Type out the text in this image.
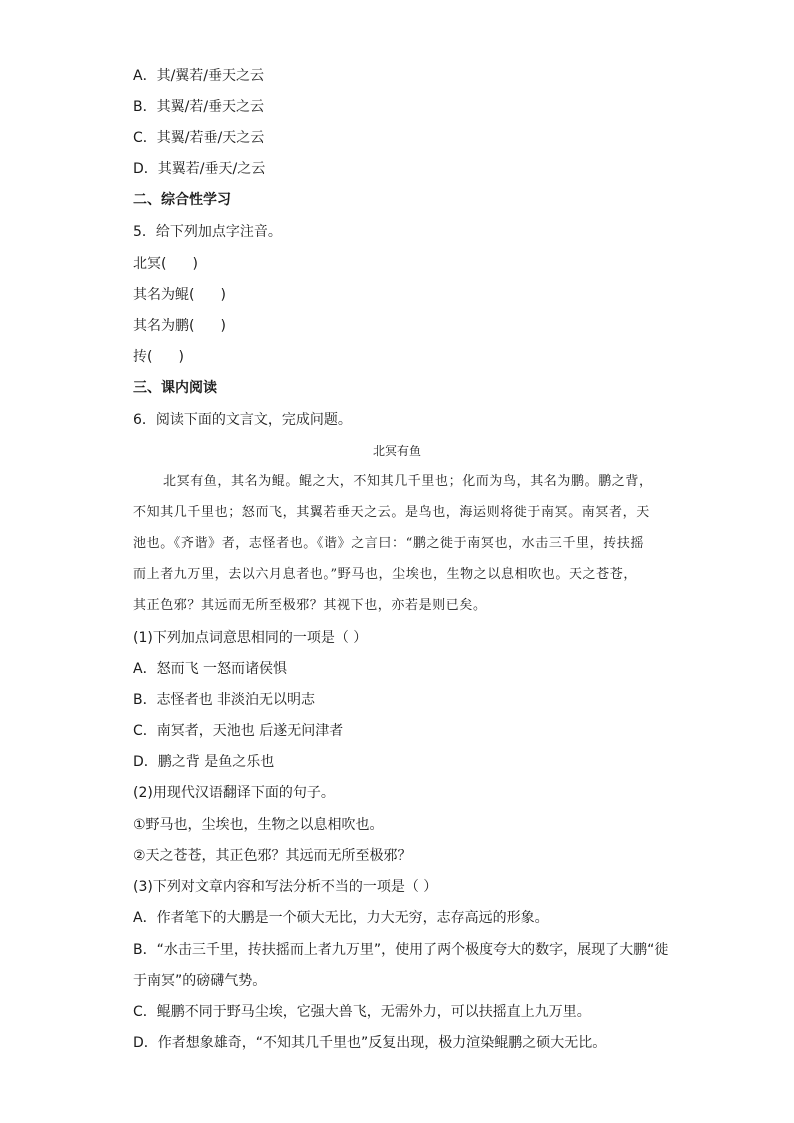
A．其/翼若/垂天之云
B．其翼/若/垂天之云
C．其翼/若垂/天之云
D．其翼若/垂天/之云
二、综合性学习
5．给下列加点字注音。
北冥( )
其名为鲲( )
其名为鹏( )
抟( )
三、课内阅读
6．阅读下面的文言文，完成问题。
北冥有鱼
北冥有鱼，其名为鲲。鲲之大，不知其几千里也；化而为鸟，其名为鹏。鹏之背，
不知其几千里也；怒而飞，其翼若垂天之云。是鸟也，海运则将徙于南冥。南冥者，天
池也。《齐谐》者，志怪者也。《谐》之言曰：“鹏之徙于南冥也，水击三千里，抟扶摇
而上者九万里，去以六月息者也。”野马也，尘埃也，生物之以息相吹也。天之苍苍，
其正色邪？其远而无所至极邪？其视下也，亦若是则已矣。
(1)下列加点词意思相同的一项是（ ）
A．怒而飞 一怒而诸侯惧
B．志怪者也 非淡泊无以明志
C．南冥者，天池也 后遂无问津者
D．鹏之背 是鱼之乐也
(2)用现代汉语翻译下面的句子。
①野马也，尘埃也，生物之以息相吹也。
②天之苍苍，其正色邪？其远而无所至极邪？
(3)下列对文章内容和写法分析不当的一项是（ ）
A．作者笔下的大鹏是一个硕大无比，力大无穷，志存高远的形象。
B．“水击三千里，抟扶摇而上者九万里”，使用了两个极度夸大的数字，展现了大鹏“徙
于南冥”的磅礴气势。
C．鲲鹏不同于野马尘埃，它强大兽飞，无需外力，可以扶摇直上九万里。
D．作者想象雄奇，“不知其几千里也”反复出现，极力渲染鲲鹏之硕大无比。
